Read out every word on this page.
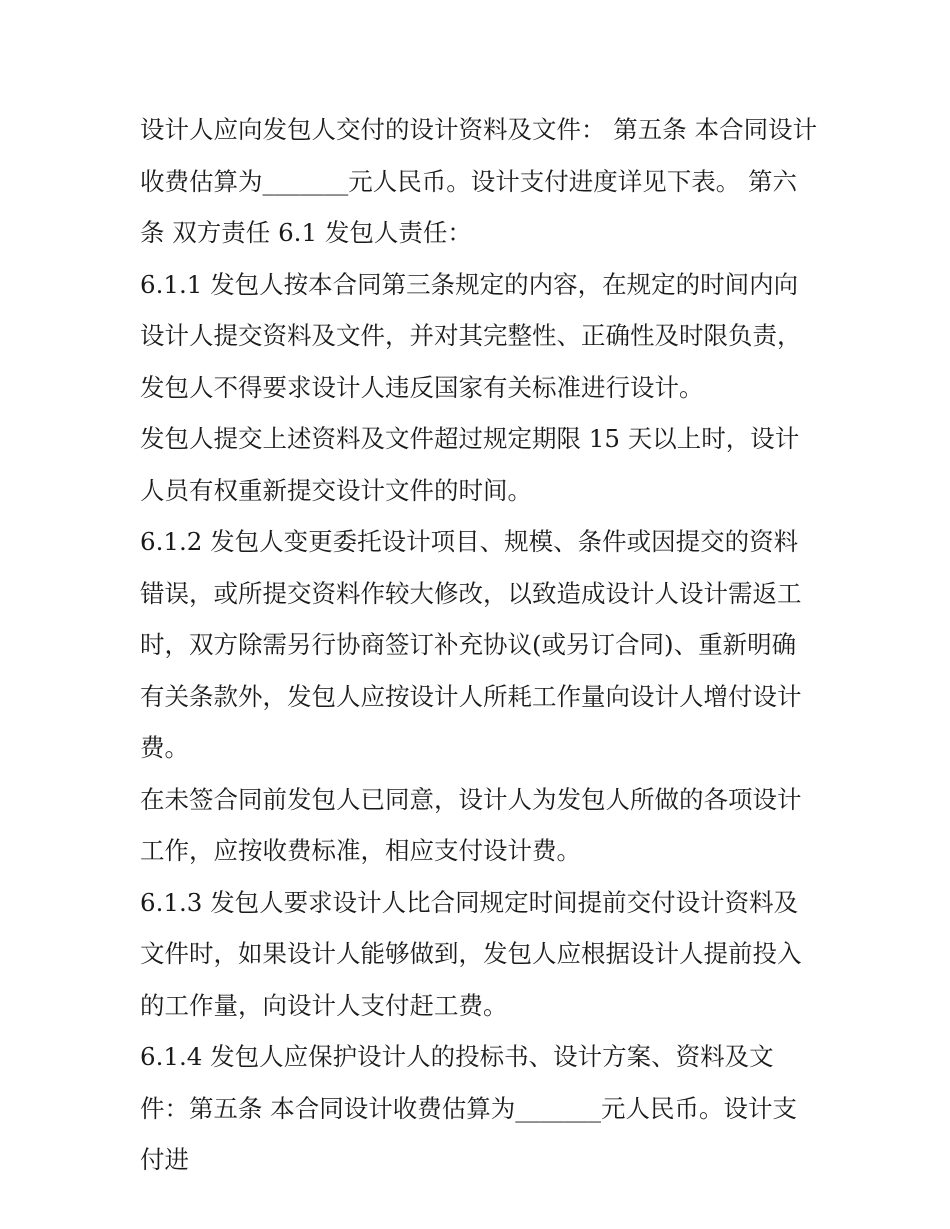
设计人应向发包人交付的设计资料及文件： 第五条 本合同设计收费估算为_______元人民币。设计支付进度详见下表。 第六条 双方责任 6.1 发包人责任：

6.1.1 发包人按本合同第三条规定的内容，在规定的时间内向设计人提交资料及文件，并对其完整性、正确性及时限负责，发包人不得要求设计人违反国家有关标准进行设计。

发包人提交上述资料及文件超过规定期限 15 天以上时，设计人员有权重新提交设计文件的时间。

6.1.2 发包人变更委托设计项目、规模、条件或因提交的资料错误，或所提交资料作较大修改，以致造成设计人设计需返工时，双方除需另行协商签订补充协议(或另订合同)、重新明确有关条款外，发包人应按设计人所耗工作量向设计人增付设计费。

在未签合同前发包人已同意，设计人为发包人所做的各项设计工作，应按收费标准，相应支付设计费。

6.1.3 发包人要求设计人比合同规定时间提前交付设计资料及文件时，如果设计人能够做到，发包人应根据设计人提前投入的工作量，向设计人支付赶工费。

6.1.4 发包人应保护设计人的投标书、设计方案、资料及文件：第五条 本合同设计收费估算为_______元人民币。设计支付进
